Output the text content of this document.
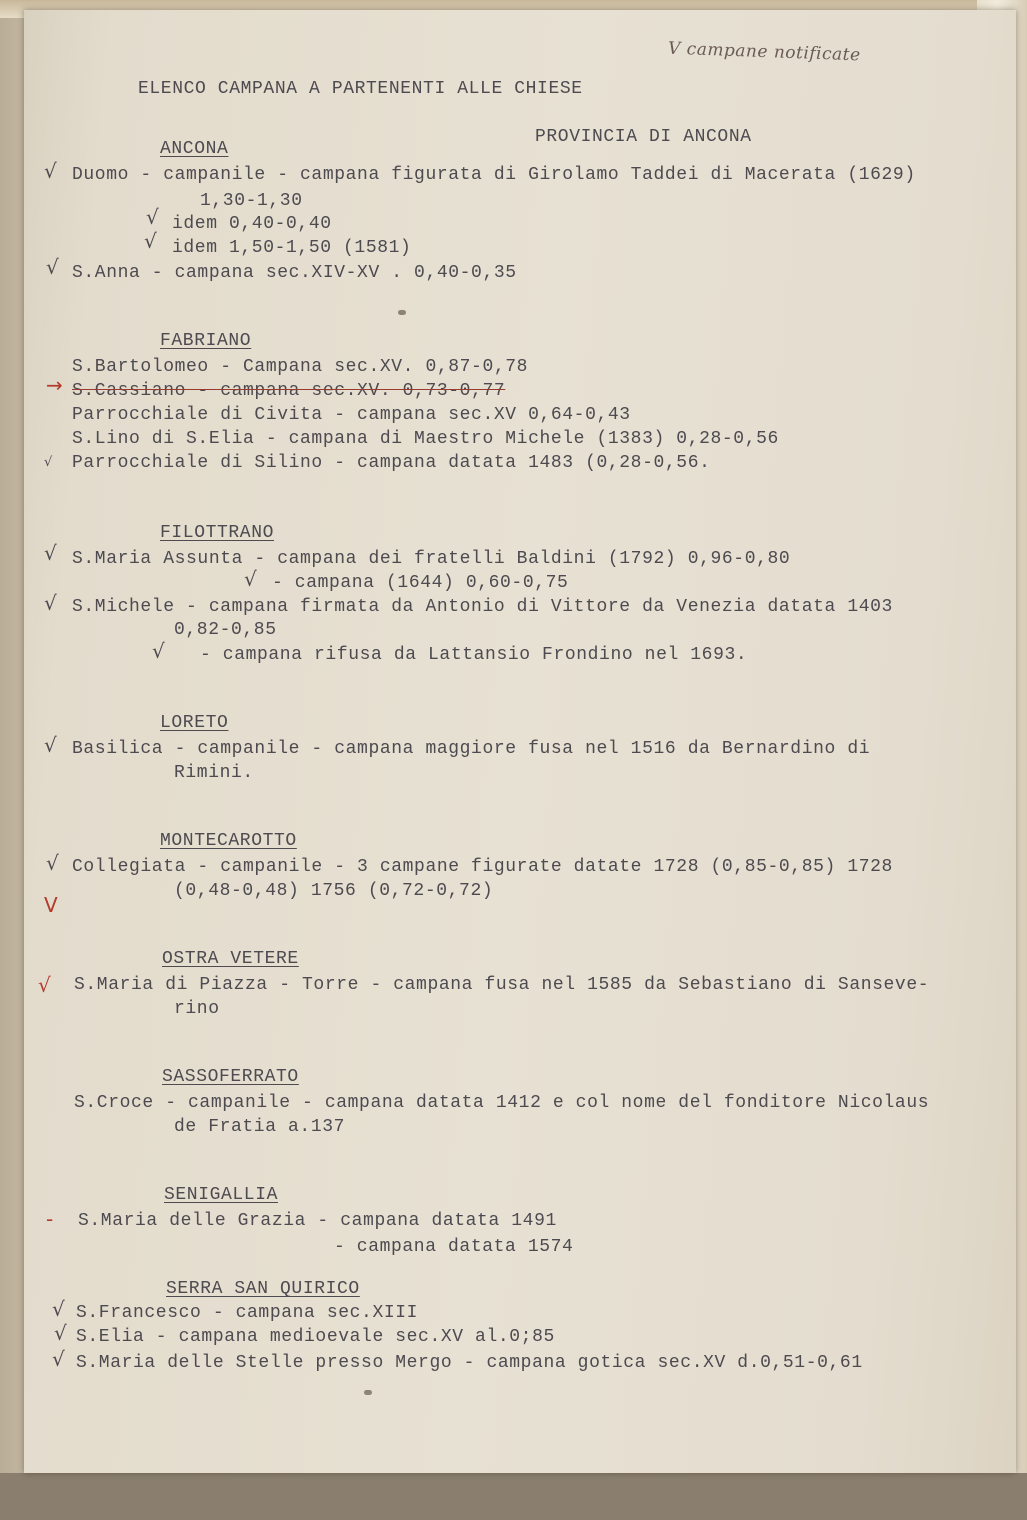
V campane notificate

ELENCO CAMPANA A PARTENENTI ALLE CHIESE

PROVINCIA DI ANCONA

ANCONA

√

Duomo - campanile - campana figurata di Girolamo Taddei di Macerata (1629)

1,30-1,30

√

idem 0,40-0,40

√

idem 1,50-1,50 (1581)

√

S.Anna - campana sec.XIV-XV . 0,40-0,35

FABRIANO

S.Bartolomeo - Campana sec.XV. 0,87-0,78

→

S.Cassiano - campana sec.XV. 0,73-0,77

Parrocchiale di Civita - campana sec.XV 0,64-0,43

S.Lino di S.Elia - campana di Maestro Michele (1383) 0,28-0,56

√

Parrocchiale di Silino - campana datata 1483 (0,28-0,56.

FILOTTRANO

√

S.Maria Assunta - campana dei fratelli Baldini (1792) 0,96-0,80

√

- campana (1644) 0,60-0,75

√

S.Michele - campana firmata da Antonio di Vittore da Venezia datata 1403

0,82-0,85

√

- campana rifusa da Lattansio Frondino nel 1693.

LORETO

√

Basilica - campanile - campana maggiore fusa nel 1516 da Bernardino di

Rimini.

MONTECAROTTO

√

Collegiata - campanile - 3 campane figurate datate 1728 (0,85-0,85) 1728

V

(0,48-0,48) 1756 (0,72-0,72)

OSTRA VETERE

√

S.Maria di Piazza - Torre - campana fusa nel 1585 da Sebastiano di Sanseve-

rino

SASSOFERRATO

S.Croce - campanile - campana datata 1412 e col nome del fonditore Nicolaus

de Fratia a.137

SENIGALLIA

-

S.Maria delle Grazia - campana datata 1491

- campana datata 1574

SERRA SAN QUIRICO

√

S.Francesco - campana sec.XIII

√

S.Elia - campana medioevale sec.XV al.0;85

√

S.Maria delle Stelle presso Mergo - campana gotica sec.XV d.0,51-0,61
